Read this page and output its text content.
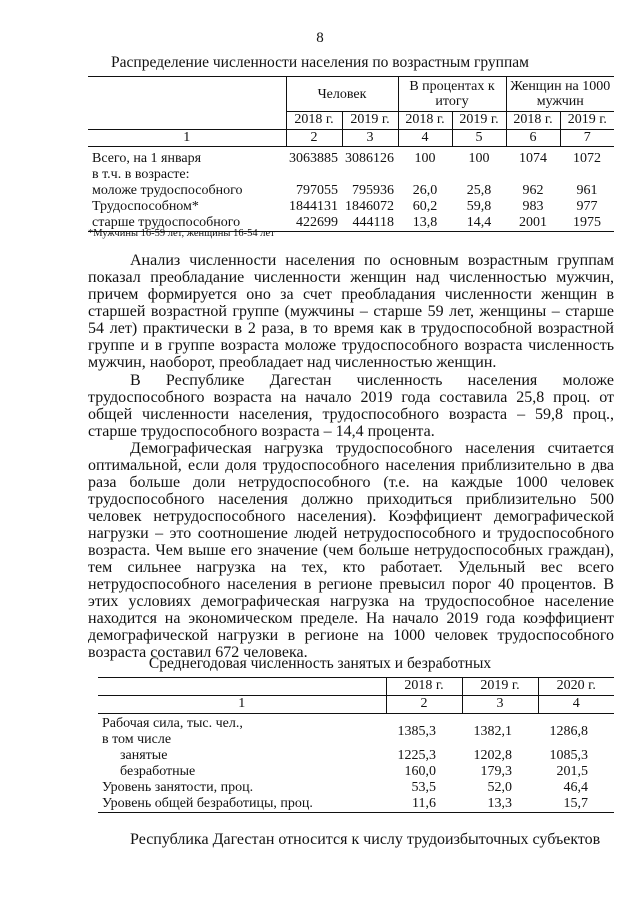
8
Распределение численности населения по возрастным группам
	Человек		В процентах к итогу		Женщин на 1000 мужчин	
	2018 г.	2019 г.	2018 г.	2019 г.	2018 г.	2019 г.
1	2	3	4	5	6	7
Всего, на 1 января	3063885	3086126	100	100	1074	1072
в т.ч. в возрасте:						
моложе трудоспособного	797055	795936	26,0	25,8	962	961
Трудоспособном*	1844131	1846072	60,2	59,8	983	977
старше трудоспособного	422699	444118	13,8	14,4	2001	1975
*Мужчины 16-59 лет, женщины 16-54 лет

Анализ численности населения по основным возрастным группам показал преобладание численности женщин над численностью мужчин, причем формируется оно за счет преобладания численности женщин в старшей возрастной группе (мужчины – старше 59 лет, женщины – старше 54 лет) практически в 2 раза, в то время как в трудоспособной возрастной группе и в группе возраста моложе трудоспособного возраста численность мужчин, наоборот, преобладает над численностью женщин.

В Республике Дагестан численность населения моложе трудоспособного возраста на начало 2019 года составила 25,8 проц. от общей численности населения, трудоспособного возраста – 59,8 проц., старше трудоспособного возраста – 14,4 процента.

Демографическая нагрузка трудоспособного населения считается оптимальной, если доля трудоспособного населения приблизительно в два раза больше доли нетрудоспособного (т.е. на каждые 1000 человек трудоспособного населения должно приходиться приблизительно 500 человек нетрудоспособного населения). Коэффициент демографической нагрузки – это соотношение людей нетрудоспособного и трудоспособного возраста. Чем выше его значение (чем больше нетрудоспособных граждан), тем сильнее нагрузка на тех, кто работает. Удельный вес всего нетрудоспособного населения в регионе превысил порог 40 процентов. В этих условиях демографическая нагрузка на трудоспособное население находится на экономическом пределе. На начало 2019 года коэффициент демографической нагрузки в регионе на 1000 человек трудоспособного возраста составил 672 человека.

Среднегодовая численность занятых и безработных
	2018 г.	2019 г.	2020 г.
1	2	3	4

Рабочая сила, тыс. чел.,
в том числе	1385,3	1382,1	1286,8
занятые	1225,3	1202,8	1085,3
безработные	160,0	179,3	201,5
Уровень занятости, проц.	53,5	52,0	46,4
Уровень общей безработицы, проц.	11,6	13,3	15,7

Республика Дагестан относится к числу трудоизбыточных субъектов
